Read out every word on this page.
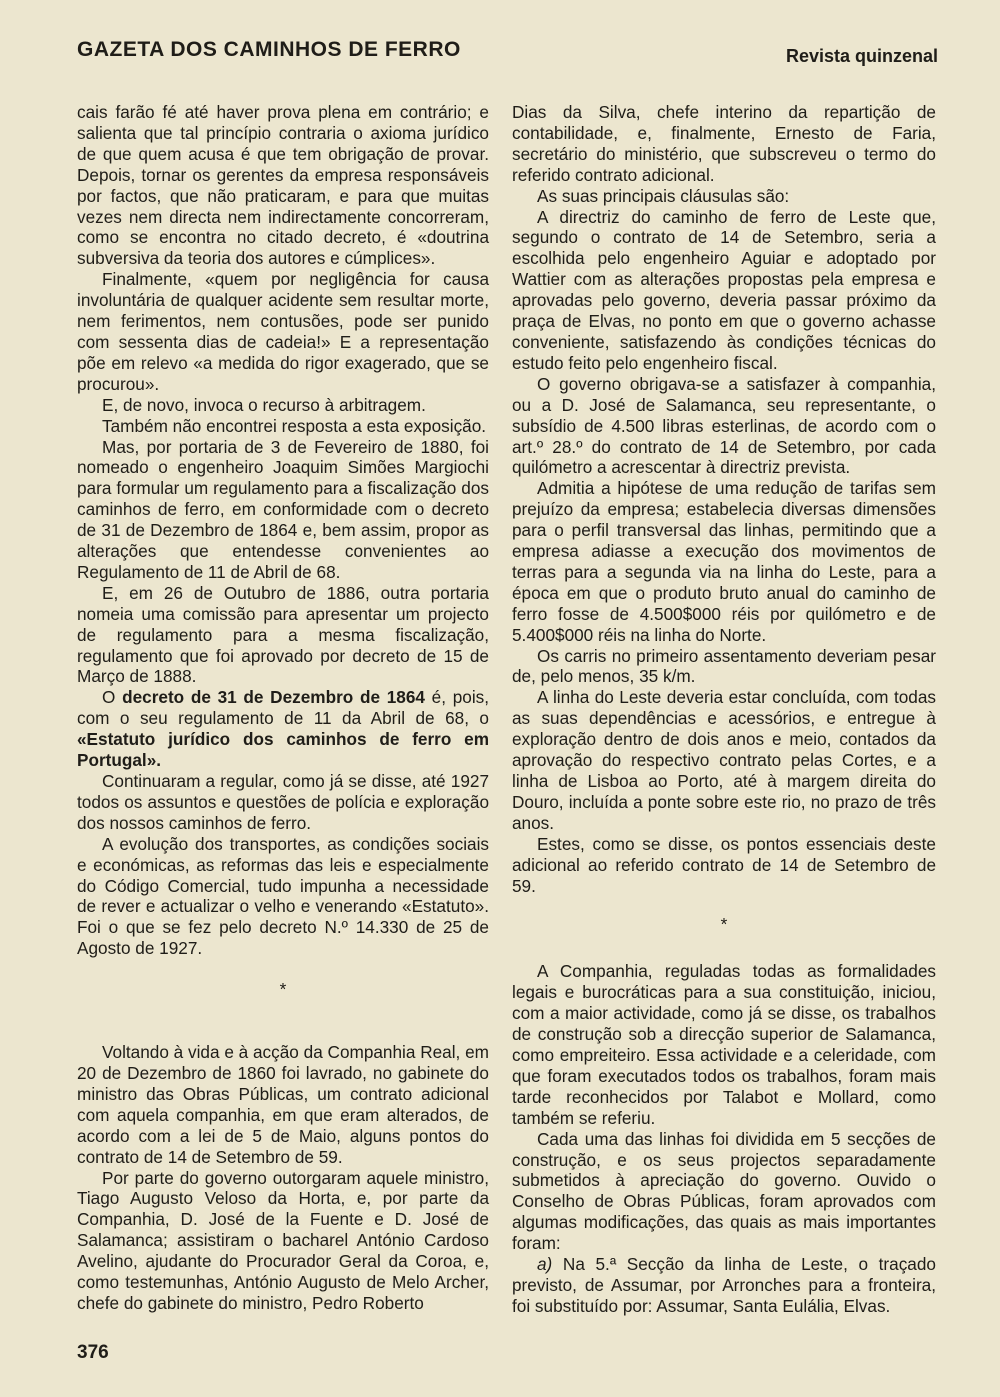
GAZETA DOS CAMINHOS DE FERRO	Revista quinzenal

cais farão fé até haver prova plena em contrário; e salienta que tal princípio contraria o axioma jurídico de que quem acusa é que tem obrigação de provar. Depois, tornar os gerentes da empresa responsáveis por factos, que não praticaram, e para que muitas vezes nem directa nem indirectamente concorreram, como se encontra no citado decreto, é «doutrina subversiva da teoria dos autores e cúmplices».

Finalmente, «quem por negligência for causa involuntária de qualquer acidente sem resultar morte, nem ferimentos, nem contusões, pode ser punido com sessenta dias de cadeia!» E a representação põe em relevo «a medida do rigor exagerado, que se procurou».

E, de novo, invoca o recurso à arbitragem.

Também não encontrei resposta a esta exposição.

Mas, por portaria de 3 de Fevereiro de 1880, foi nomeado o engenheiro Joaquim Simões Margiochi para formular um regulamento para a fiscalização dos caminhos de ferro, em conformidade com o decreto de 31 de Dezembro de 1864 e, bem assim, propor as alterações que entendesse convenientes ao Regulamento de 11 de Abril de 68.

E, em 26 de Outubro de 1886, outra portaria nomeia uma comissão para apresentar um projecto de regulamento para a mesma fiscalização, regulamento que foi aprovado por decreto de 15 de Março de 1888.

O decreto de 31 de Dezembro de 1864 é, pois, com o seu regulamento de 11 da Abril de 68, o «Estatuto jurídico dos caminhos de ferro em Portugal».

Continuaram a regular, como já se disse, até 1927 todos os assuntos e questões de polícia e exploração dos nossos caminhos de ferro.

A evolução dos transportes, as condições sociais e económicas, as reformas das leis e especialmente do Código Comercial, tudo impunha a necessidade de rever e actualizar o velho e venerando «Estatuto». Foi o que se fez pelo decreto N.º 14.330 de 25 de Agosto de 1927.

*

Voltando à vida e à acção da Companhia Real, em 20 de Dezembro de 1860 foi lavrado, no gabinete do ministro das Obras Públicas, um contrato adicional com aquela companhia, em que eram alterados, de acordo com a lei de 5 de Maio, alguns pontos do contrato de 14 de Setembro de 59.

Por parte do governo outorgaram aquele ministro, Tiago Augusto Veloso da Horta, e, por parte da Companhia, D. José de la Fuente e D. José de Salamanca; assistiram o bacharel António Cardoso Avelino, ajudante do Procurador Geral da Coroa, e, como testemunhas, António Augusto de Melo Archer, chefe do gabinete do ministro, Pedro Roberto

Dias da Silva, chefe interino da repartição de contabilidade, e, finalmente, Ernesto de Faria, secretário do ministério, que subscreveu o termo do referido contrato adicional.

As suas principais cláusulas são:

A directriz do caminho de ferro de Leste que, segundo o contrato de 14 de Setembro, seria a escolhida pelo engenheiro Aguiar e adoptado por Wattier com as alterações propostas pela empresa e aprovadas pelo governo, deveria passar próximo da praça de Elvas, no ponto em que o governo achasse conveniente, satisfazendo às condições técnicas do estudo feito pelo engenheiro fiscal.

O governo obrigava-se a satisfazer à companhia, ou a D. José de Salamanca, seu representante, o subsídio de 4.500 libras esterlinas, de acordo com o art.º 28.º do contrato de 14 de Setembro, por cada quilómetro a acrescentar à directriz prevista.

Admitia a hipótese de uma redução de tarifas sem prejuízo da empresa; estabelecia diversas dimensões para o perfil transversal das linhas, permitindo que a empresa adiasse a execução dos movimentos de terras para a segunda via na linha do Leste, para a época em que o produto bruto anual do caminho de ferro fosse de 4.500$000 réis por quilómetro e de 5.400$000 réis na linha do Norte.

Os carris no primeiro assentamento deveriam pesar de, pelo menos, 35 k/m.

A linha do Leste deveria estar concluída, com todas as suas dependências e acessórios, e entregue à exploração dentro de dois anos e meio, contados da aprovação do respectivo contrato pelas Cortes, e a linha de Lisboa ao Porto, até à margem direita do Douro, incluída a ponte sobre este rio, no prazo de três anos.

Estes, como se disse, os pontos essenciais deste adicional ao referido contrato de 14 de Setembro de 59.

*

A Companhia, reguladas todas as formalidades legais e burocráticas para a sua constituição, iniciou, com a maior actividade, como já se disse, os trabalhos de construção sob a direcção superior de Salamanca, como empreiteiro. Essa actividade e a celeridade, com que foram executados todos os trabalhos, foram mais tarde reconhecidos por Talabot e Mollard, como também se referiu.

Cada uma das linhas foi dividida em 5 secções de construção, e os seus projectos separadamente submetidos à apreciação do governo. Ouvido o Conselho de Obras Públicas, foram aprovados com algumas modificações, das quais as mais importantes foram:

a) Na 5.ª Secção da linha de Leste, o traçado previsto, de Assumar, por Arronches para a fronteira, foi substituído por: Assumar, Santa Eulália, Elvas.

376
